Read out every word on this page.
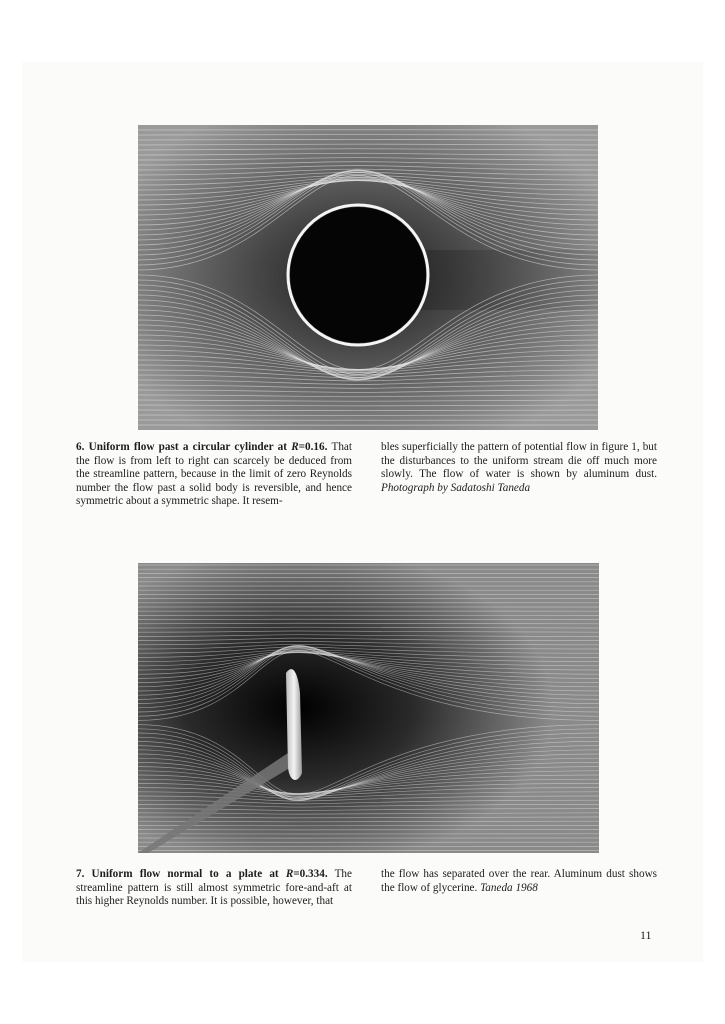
6. Uniform flow past a circular cylinder at R=0.16. That the flow is from left to right can scarcely be deduced from the streamline pattern, because in the limit of zero Reynolds number the flow past a solid body is reversible, and hence symmetric about a symmetric shape. It resem-

bles superficially the pattern of potential flow in figure 1, but the disturbances to the uniform stream die off much more slowly. The flow of water is shown by aluminum dust. Photograph by Sadatoshi Taneda

7. Uniform flow normal to a plate at R=0.334. The streamline pattern is still almost symmetric fore-and-aft at this higher Reynolds number. It is possible, however, that

the flow has separated over the rear. Aluminum dust shows the flow of glycerine. Taneda 1968

11
